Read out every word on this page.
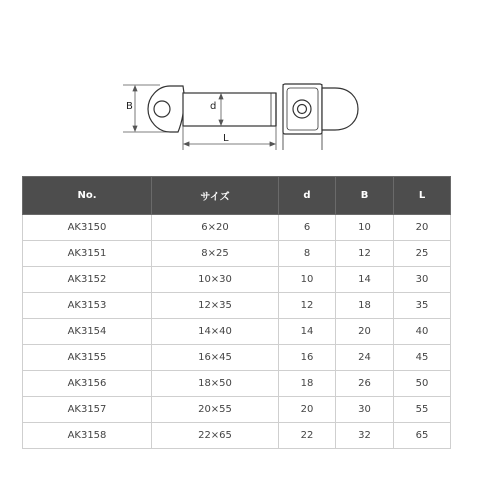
B	d
L
No.	サイズ	d	B	L
AK3150	6×20	6	10	20
AK3151	8×25	8	12	25
AK3152	10×30	10	14	30
AK3153	12×35	12	18	35
AK3154	14×40	14	20	40
AK3155	16×45	16	24	45
AK3156	18×50	18	26	50
AK3157	20×55	20	30	55
AK3158	22×65	22	32	65
